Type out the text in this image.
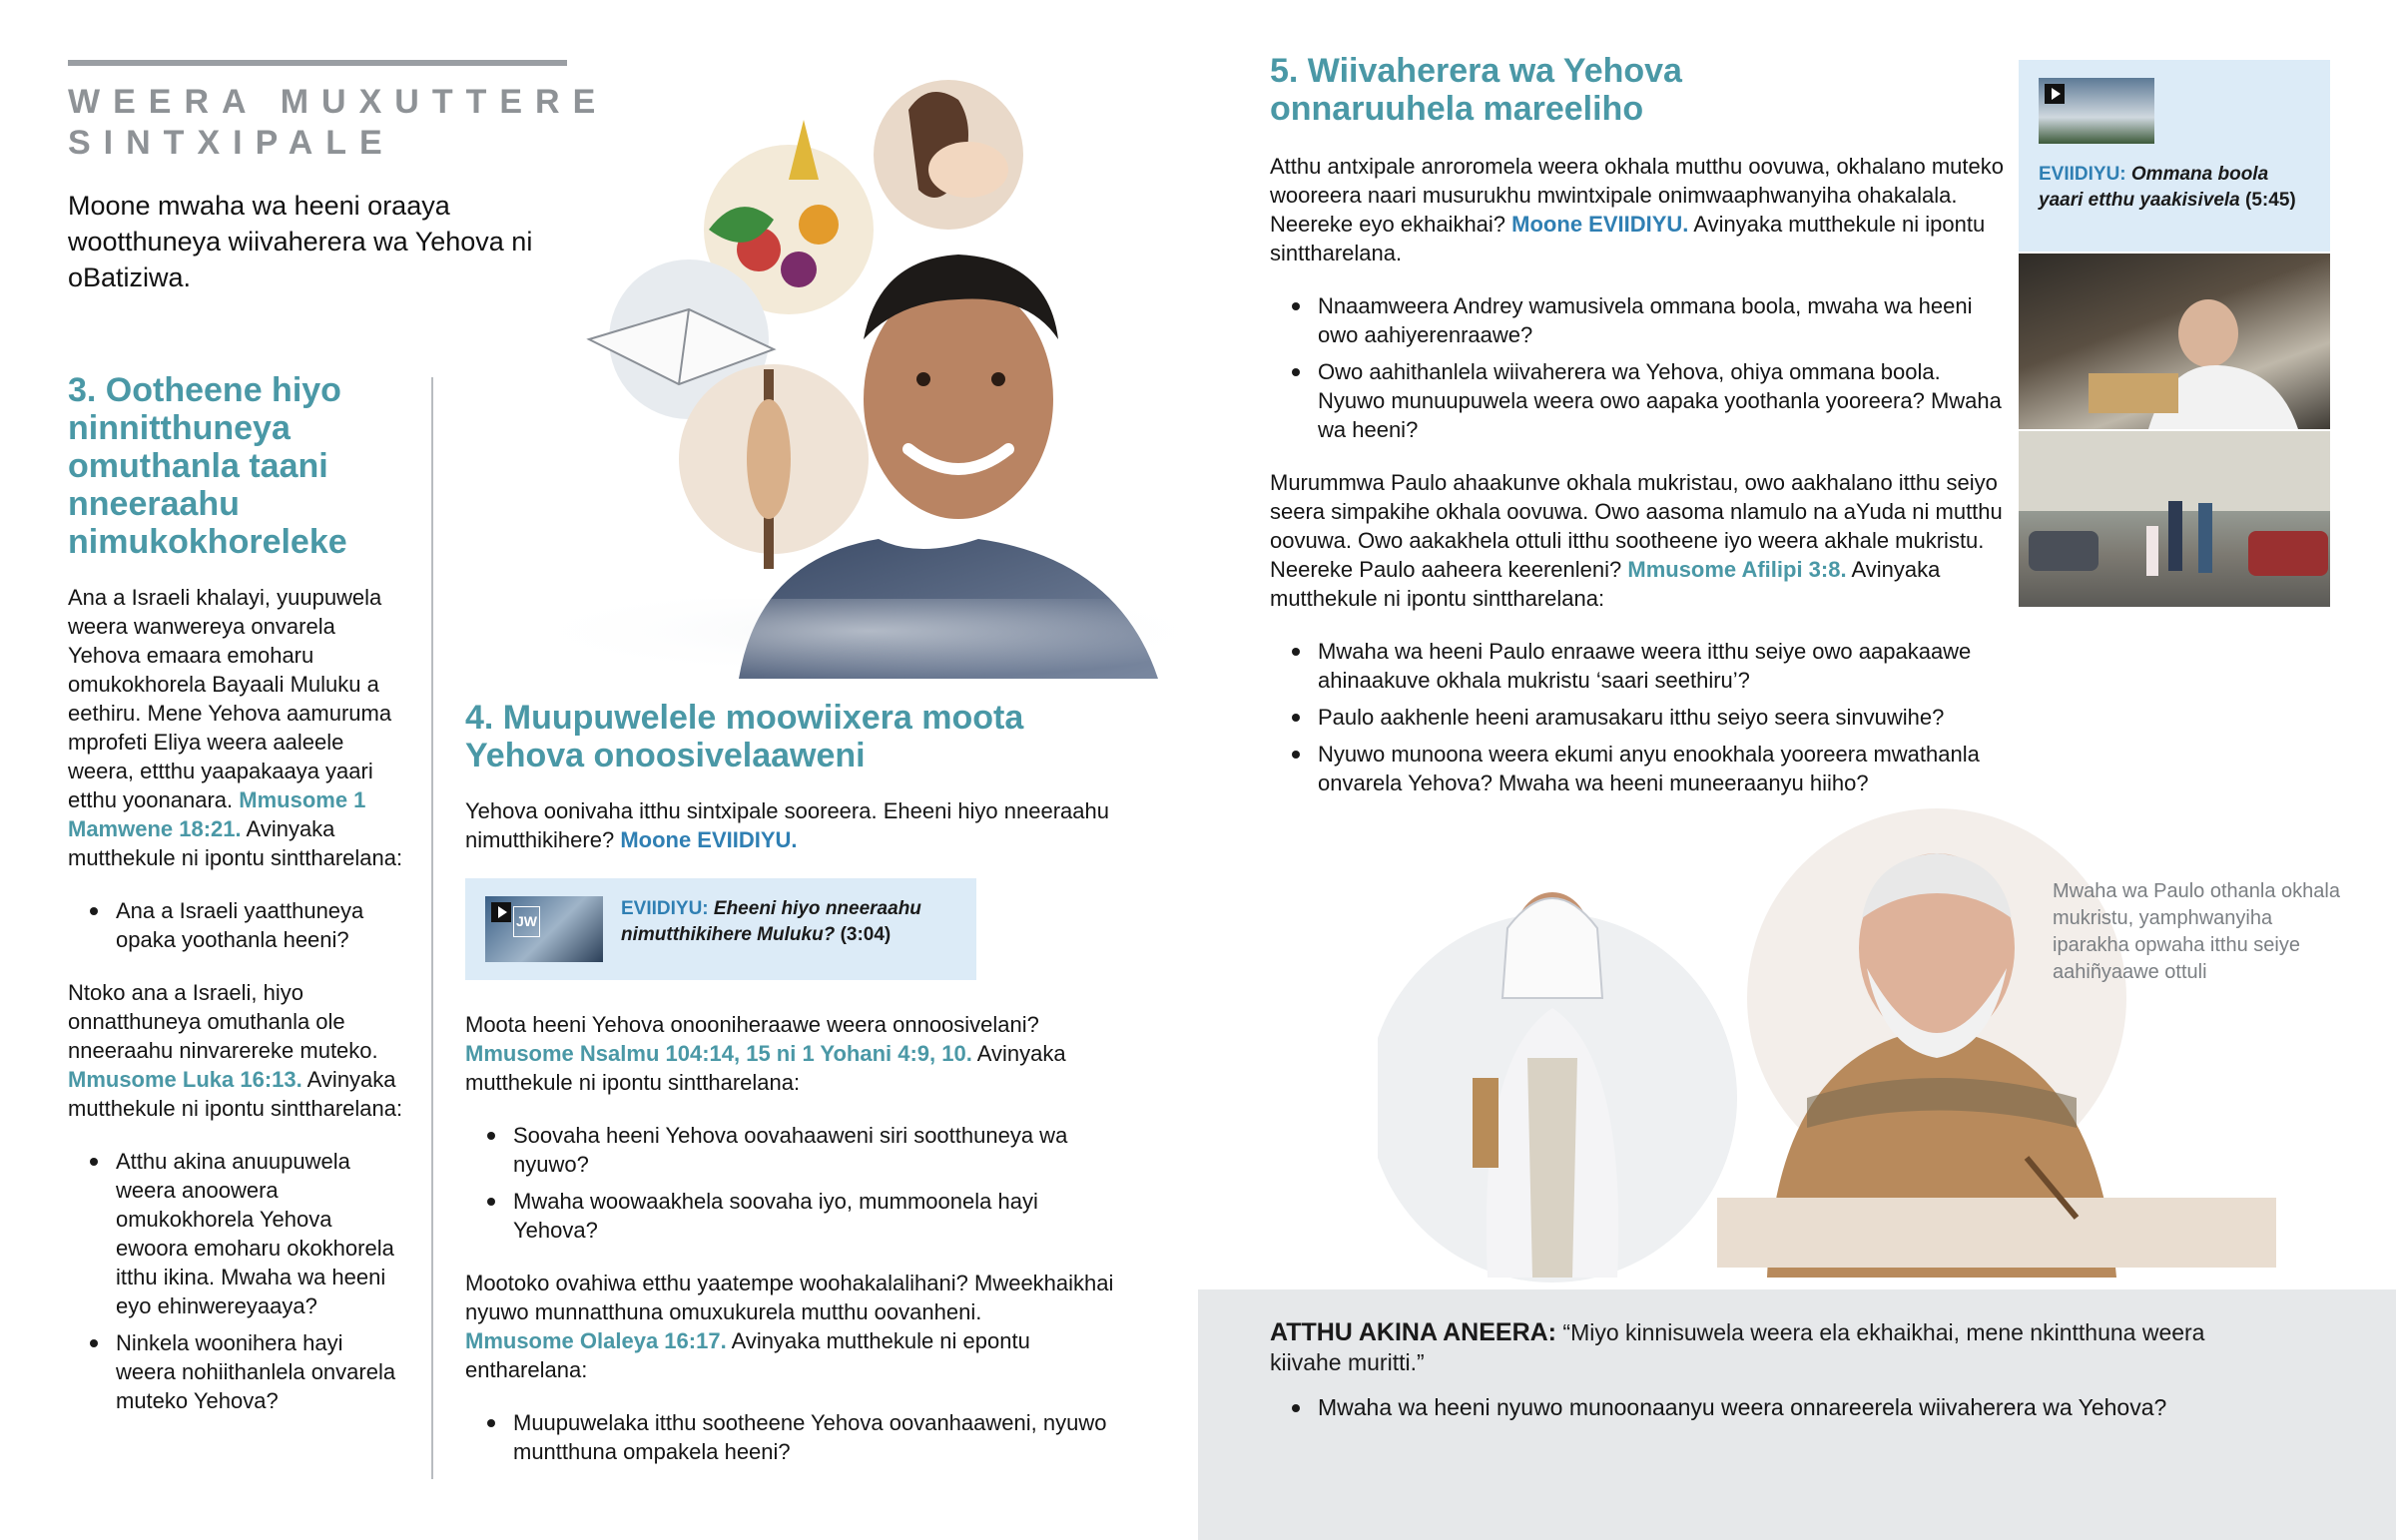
WEERA MUXUTTERE SINTXIPALE
Moone mwaha wa heeni oraaya wootthuneya wiivaherera wa Yehova ni oBatiziwa.
3. Ootheene hiyo ninnitthuneya omuthanla taani nneeraahu nimukokhoreleke

Ana a Israeli khalayi, yuupuwela weera wanwereya onvarela Yehova emaara emoharu omukokhorela Bayaali Muluku a eethiru. Mene Yehova aamuruma mprofeti Eliya weera aaleele weera, ettthu yaapakaaya yaari etthu yoonanara. Mmusome 1 Mamwene 18:21. Avinyaka mutthekule ni ipontu sinttharelana:

Ana a Israeli yaatthuneya opaka yoothanla heeni?

Ntoko ana a Israeli, hiyo onnatthuneya omuthanla ole nneeraahu ninvarereke muteko. Mmusome Luka 16:13. Avinyaka mutthekule ni ipontu sinttharelana:

Atthu akina anuupuwela weera anoowera omukokhorela Yehova ewoora emoharu okokhorela itthu ikina. Mwaha wa heeni eyo ehinwereyaaya?
Ninkela woonihera hayi weera nohiithanlela onvarela muteko Yehova?
4. Muupuwelele moowiixera moota Yehova onoosivelaaweni

Yehova oonivaha itthu sintxipale sooreera. Eheeni hiyo nneeraahu nimutthikihere? Moone EVIIDIYU.

JW
EVIIDIYU: Eheeni hiyo nneeraahu nimutthikihere Muluku? (3:04)

Moota heeni Yehova onooniheraawe weera onnoosivelani?
Mmusome Nsalmu 104:14, 15 ni 1 Yohani 4:9, 10. Avinyaka mutthekule ni ipontu sinttharelana:

Soovaha heeni Yehova oovahaaweni siri sootthuneya wa nyuwo?
Mwaha woowaakhela soovaha iyo, mummoonela hayi Yehova?

Mootoko ovahiwa etthu yaatempe woohakalalihani? Mweekhaikhai nyuwo munnatthuna omuxukurela mutthu oovanheni.
Mmusome Olaleya 16:17. Avinyaka mutthekule ni epontu entharelana:

Muupuwelaka itthu sootheene Yehova oovanhaaweni, nyuwo muntthuna ompakela heeni?
5. Wiivaherera wa Yehova onnaruuhela mareeliho

Atthu antxipale anroromela weera okhala mutthu oovuwa, okhalano muteko wooreera naari musurukhu mwintxipale onimwaaphwanyiha ohakalala. Neereke eyo ekhaikhai? Moone EVIIDIYU. Avinyaka mutthekule ni ipontu sinttharelana.

Nnaamweera Andrey wamusivela ommana boola, mwaha wa heeni owo aahiyerenraawe?
Owo aahithanlela wiivaherera wa Yehova, ohiya ommana boola. Nyuwo munuupuwela weera owo aapaka yoothanla yooreera? Mwaha wa heeni?

Murummwa Paulo ahaakunve okhala mukristau, owo aakhalano itthu seiyo seera simpakihe okhala oovuwa. Owo aasoma nlamulo na aYuda ni mutthu oovuwa. Owo aakakhela ottuli itthu sootheene iyo weera akhale mukristu. Neereke Paulo aaheera keerenleni? Mmusome Afilipi 3:8. Avinyaka mutthekule ni ipontu sinttharelana:

Mwaha wa heeni Paulo enraawe weera itthu seiye owo aapakaawe ahinaakuve okhala mukristu ‘saari seethiru’?
Paulo aakhenle heeni aramusakaru itthu seiyo seera sinvuwihe?
Nyuwo munoona weera ekumi anyu enookhala yooreera mwathanla onvarela Yehova? Mwaha wa heeni muneeraanyu hiiho?
EVIIDIYU: Ommana boola yaari etthu yaakisivela (5:45)
Mwaha wa Paulo othanla okhala mukristu, yamphwanyiha iparakha opwaha itthu seiye aahiñyaawe ottuli

ATTHU AKINA ANEERA: “Miyo kinnisuwela weera ela ekhaikhai, mene nkintthuna weera kiivahe muritti.”

Mwaha wa heeni nyuwo munoonaanyu weera onnareerela wiivaherera wa Yehova?
